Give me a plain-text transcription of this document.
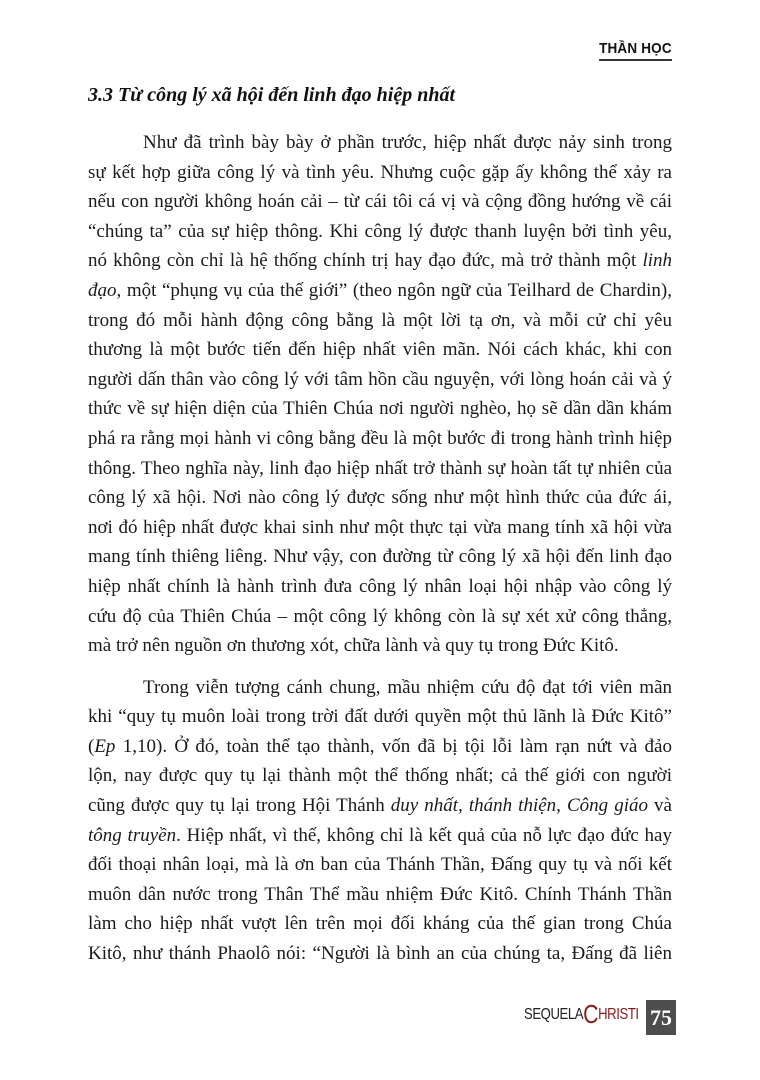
THẦN HỌC
3.3 Từ công lý xã hội đến linh đạo hiệp nhất

Như đã trình bày bày ở phần trước, hiệp nhất được nảy sinh trong
sự kết hợp giữa công lý và tình yêu. Nhưng cuộc gặp ấy không thể xảy ra
nếu con người không hoán cải – từ cái tôi cá vị và cộng đồng hướng về cái
“chúng ta” của sự hiệp thông. Khi công lý được thanh luyện bởi tình yêu,
nó không còn chỉ là hệ thống chính trị hay đạo đức, mà trở thành một linh
đạo, một “phụng vụ của thế giới” (theo ngôn ngữ của Teilhard de Chardin),
trong đó mỗi hành động công bằng là một lời tạ ơn, và mỗi cử chỉ yêu
thương là một bước tiến đến hiệp nhất viên mãn. Nói cách khác, khi con
người dấn thân vào công lý với tâm hồn cầu nguyện, với lòng hoán cải và ý
thức về sự hiện diện của Thiên Chúa nơi người nghèo, họ sẽ dần dần khám
phá ra rằng mọi hành vi công bằng đều là một bước đi trong hành trình hiệp
thông. Theo nghĩa này, linh đạo hiệp nhất trở thành sự hoàn tất tự nhiên của
công lý xã hội. Nơi nào công lý được sống như một hình thức của đức ái,
nơi đó hiệp nhất được khai sinh như một thực tại vừa mang tính xã hội vừa
mang tính thiêng liêng. Như vậy, con đường từ công lý xã hội đến linh đạo
hiệp nhất chính là hành trình đưa công lý nhân loại hội nhập vào công lý
cứu độ của Thiên Chúa – một công lý không còn là sự xét xử công thẳng,
mà trở nên nguồn ơn thương xót, chữa lành và quy tụ trong Đức Kitô.

Trong viễn tượng cánh chung, mầu nhiệm cứu độ đạt tới viên mãn
khi “quy tụ muôn loài trong trời đất dưới quyền một thủ lãnh là Đức Kitô”
(Ep 1,10). Ở đó, toàn thể tạo thành, vốn đã bị tội lỗi làm rạn nứt và đảo
lộn, nay được quy tụ lại thành một thể thống nhất; cả thế giới con người
cũng được quy tụ lại trong Hội Thánh duy nhất, thánh thiện, Công giáo và
tông truyền. Hiệp nhất, vì thế, không chỉ là kết quả của nỗ lực đạo đức hay
đối thoại nhân loại, mà là ơn ban của Thánh Thần, Đấng quy tụ và nối kết
muôn dân nước trong Thân Thể mầu nhiệm Đức Kitô. Chính Thánh Thần
làm cho hiệp nhất vượt lên trên mọi đối kháng của thế gian trong Chúa
Kitô, như thánh Phaolô nói: “Người là bình an của chúng ta, Đấng đã liên

SEQUELACHRISTI 75
